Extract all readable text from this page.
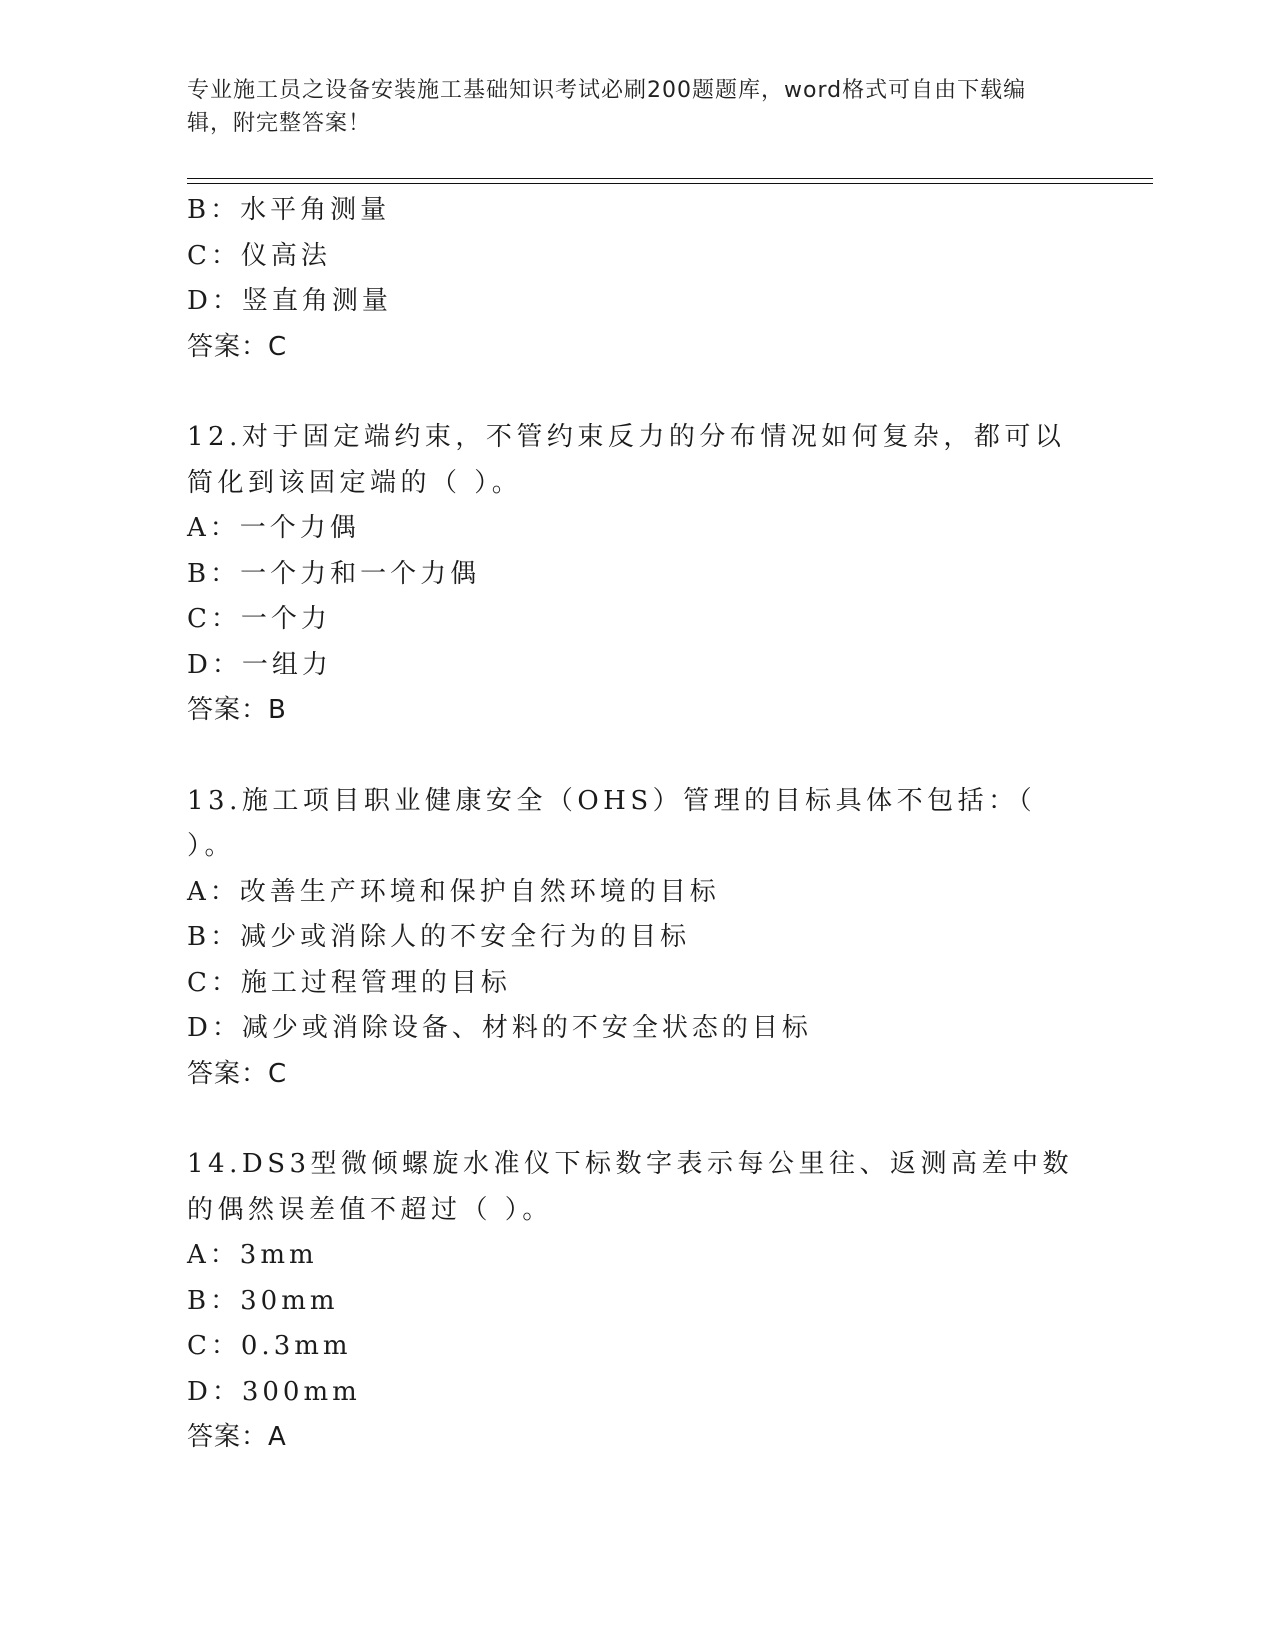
专业施工员之设备安装施工基础知识考试必刷200题题库，word格式可自由下载编辑，附完整答案！
B：水平角测量
C：仪高法
D：竖直角测量
答案：C
12.对于固定端约束，不管约束反力的分布情况如何复杂，都可以简化到该固定端的（ ）。
A：一个力偶
B：一个力和一个力偶
C：一个力
D：一组力
答案：B
13.施工项目职业健康安全（OHS）管理的目标具体不包括：（ ）。
A：改善生产环境和保护自然环境的目标
B：减少或消除人的不安全行为的目标
C：施工过程管理的目标
D：减少或消除设备、材料的不安全状态的目标
答案：C
14.DS3型微倾螺旋水准仪下标数字表示每公里往、返测高差中数的偶然误差值不超过（ ）。
A：3mm
B：30mm
C：0.3mm
D：300mm
答案：A
